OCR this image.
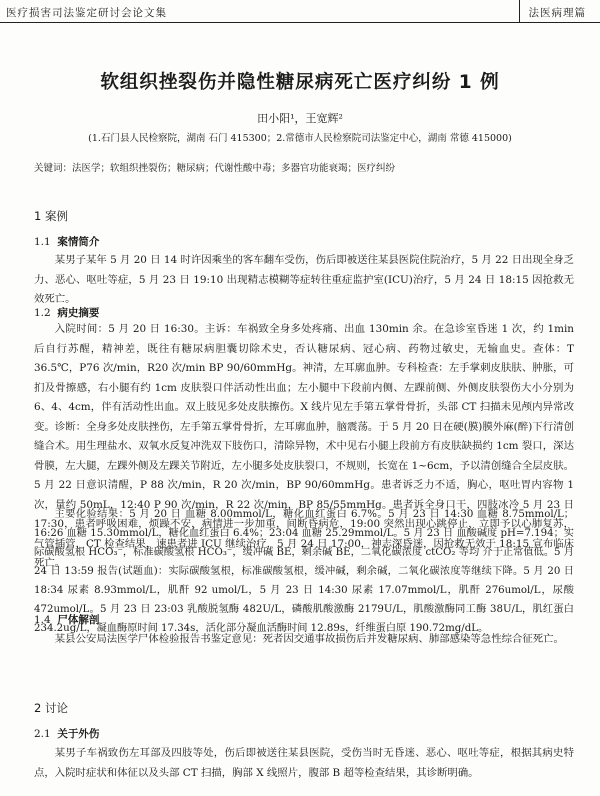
医疗损害司法鉴定研讨会论文集	法医病理篇
软组织挫裂伤并隐性糖尿病死亡医疗纠纷 1 例
田小阳¹，王宽辉²
(1.石门县人民检察院，湖南 石门 415300；2.常德市人民检察院司法鉴定中心，湖南 常德 415000)
关键词：法医学；软组织挫裂伤；糖尿病；代谢性酸中毒；多器官功能衰竭；医疗纠纷
1 案例
1.1 案情简介

某男子某年 5 月 20 日 14 时许因乘坐的客车翻车受伤，伤后即被送往某县医院住院治疗，5 月 22 日出现全身乏力、恶心、呕吐等症，5 月 23 日 19:10 出现精志模糊等症转往重症监护室(ICU)治疗，5 月 24 日 18:15 因抢救无效死亡。

1.2 病史摘要

入院时间：5 月 20 日 16:30。主诉：车祸致全身多处疼痛、出血 130min 余。在急诊室昏迷 1 次，约 1min 后自行苏醒，精神差，既往有糖尿病胆囊切除术史，否认糖尿病、冠心病、药物过敏史，无输血史。查体：T 36.5℃，P76 次/min，R20 次/min BP 90/60mmHg。神清，左耳廓血肿。专科检查：左手掌刺皮肤肤、肿胀，可扪及骨擦感，右小腿有约 1cm 皮肤裂口伴活动性出血；左小腿中下段前内侧、左踝前侧、外侧皮肤裂伤大小分别为 6、4、4cm，伴有活动性出血。双上肢见多处皮肤擦伤。X 线片见左手第五掌骨骨折，头部 CT 扫描未见颅内异常改变。诊断：全身多处皮肤挫伤，左手第五掌骨骨折，左耳廓血肿，脑震荡。于 5 月 20 日在硬(膜)膜外麻(醉)下行清创缝合术。用生理盐水、双氧水反复冲洗双下肢伤口，清除异物，术中见右小腿上段前方有皮肤缺损约 1cm 裂口，深达骨膜，左大腿，左踝外侧及左踝关节附近，左小腿多处皮肤裂口，不规则，长宽在 1~6cm，予以清创缝合全层皮肤。5 月 22 日意识清醒，P 88 次/min，R 20 次/min，BP 90/60mmHg。患者诉乏力不适，胸心，呕吐胃内容物 1 次，量约 50mL，12:40 P 90 次/min，R 22 次/min，BP 85/55mmHg。患者诉全身口干，四肢冰冷 5 月 23 日 17:30，患者呼吸困难，烦躁不安，病情进一步加重，间断昏病危，19:00 突然出现心跳停止，立即予以心肺复苏，气管插管，CT 检查结果，速患者进 ICU 继续治疗，5 月 24 日 17:00，神志深昏迷，因抢救无效于 18:15 宣布临床死亡。

主要化验结果：5 月 20 日 血糖 8.00mmol/L，糖化血红蛋白 6.7%。5 月 23 日 14:30 血糖 8.75mmol/L；16:26 血糖 15.30mmol/L，糖化血红蛋白 6.4%；23:04 血糖 25.29mmol/L。5 月 23 日 血酸碱度 pH=7.194；实际碳酸氢根 HCO₃⁻，标准碳酸氢根 HCO₃⁻，缓冲碱 BE，剩余碱 BE，二氧化碳浓度 ctCO₂ 等均 介于正常值低。5 月 24 日 13:59 报告(试题血)：实际碳酸氢根，标准碳酸氢根，缓冲碱，剩余碱，二氧化碳浓度等继续下降。5 月 20 日 18:34 尿素 8.93mmol/L，肌酐 92 umol/L，5 月 23 日 14:30 尿素 17.07mmol/L，肌酐 276umol/L，尿酸 472umol/L。5 月 23 日 23:03 乳酸脱氢酶 482U/L，磷酸肌酸激酶 2179U/L，肌酸激酶同工酶 38U/L，肌红蛋白 234.2ug/L，凝血酶原时间 17.34s，活化部分凝血活酶时间 12.89s，纤维蛋白原 190.72mg/dL。

1.4 尸体解剖

某县公安局法医学尸体检验报告书鉴定意见：死者因交通事故损伤后并发糖尿病、肺部感染等急性综合征死亡。

2 讨论
2.1 关于外伤

某男子车祸致伤左耳部及四肢等处，伤后即被送往某县医院，受伤当时无昏迷、恶心、呕吐等症，根据其病史特点，入院时症状和体征以及头部 CT 扫描，胸部 X 线照片，腹部 B 超等检查结果，其诊断明确。
